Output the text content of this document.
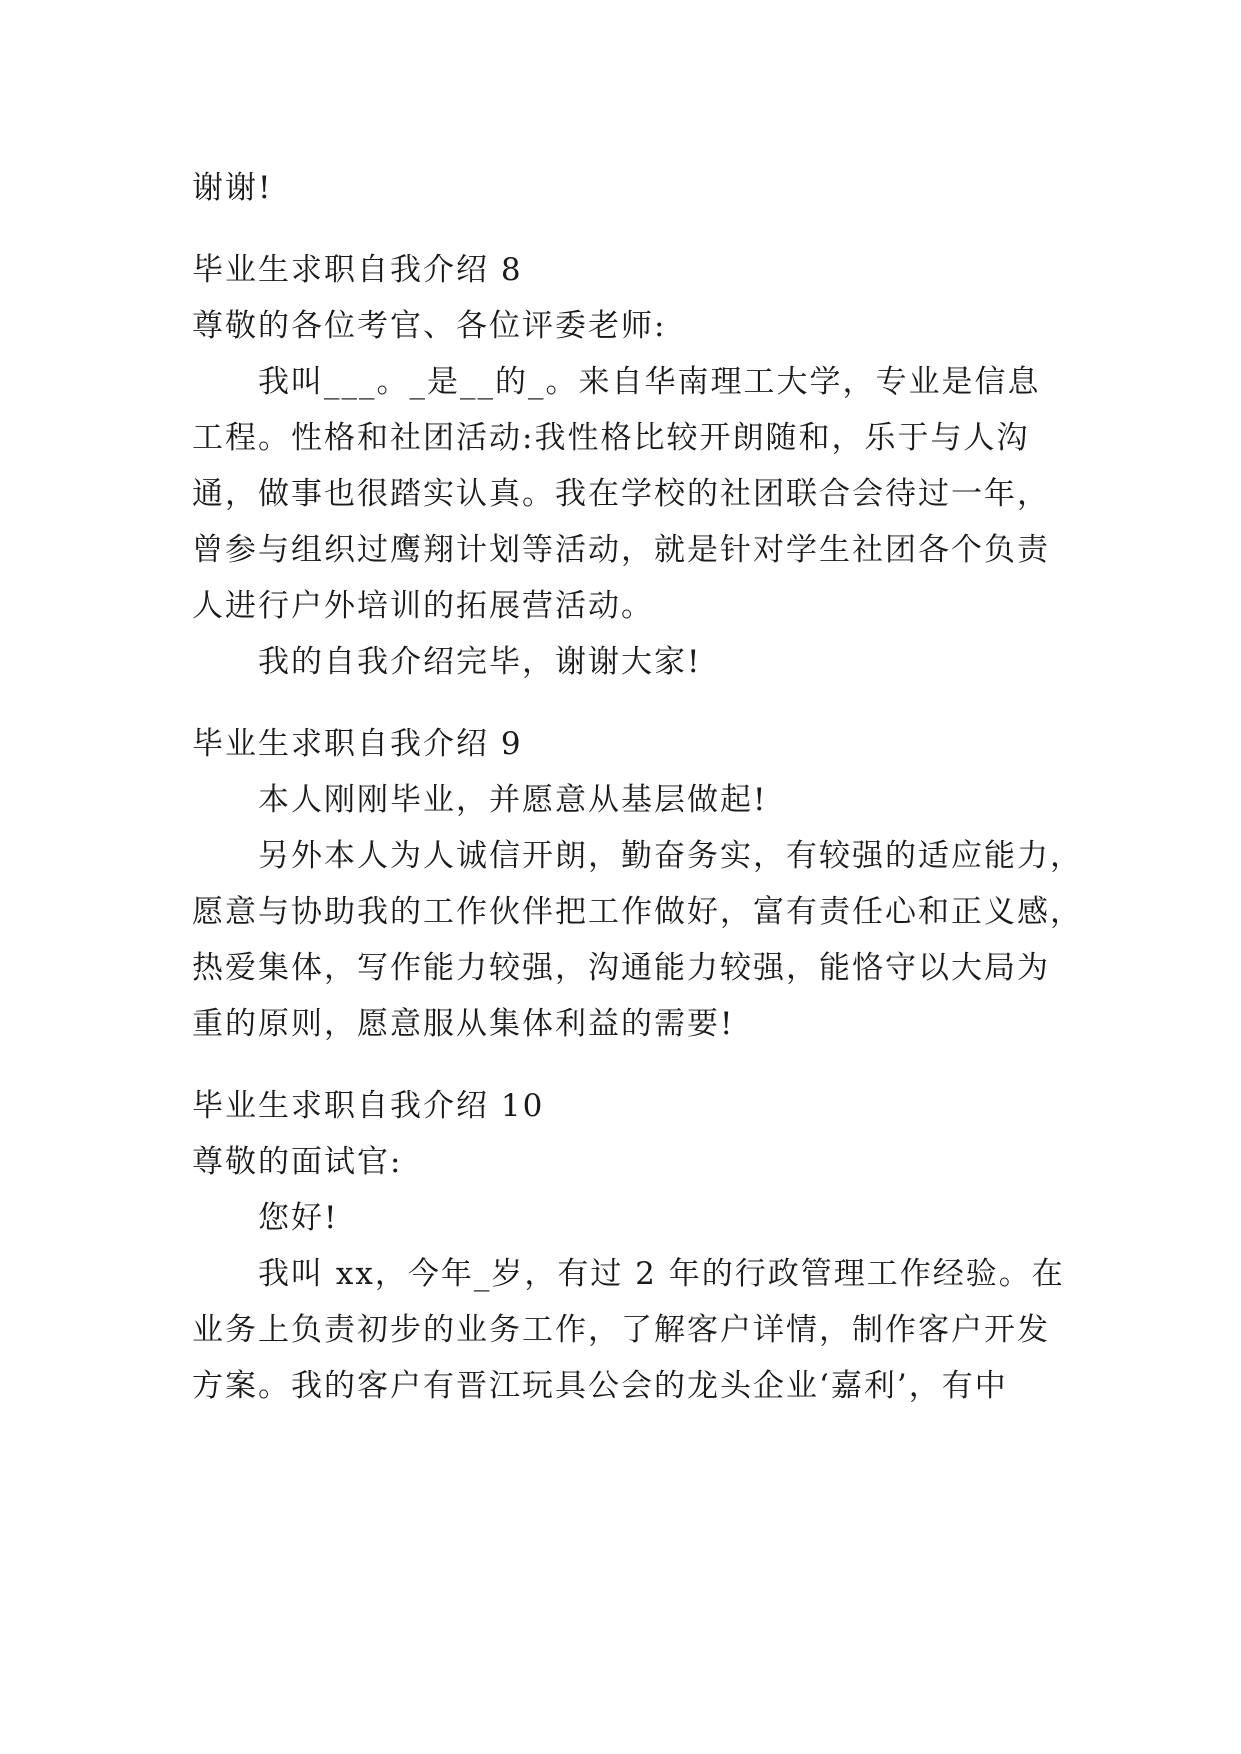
谢谢!
毕业生求职自我介绍 8
尊敬的各位考官、各位评委老师:
我叫___。_是__的_。来自华南理工大学，专业是信息
工程。性格和社团活动:我性格比较开朗随和，乐于与人沟
通，做事也很踏实认真。我在学校的社团联合会待过一年，
曾参与组织过鹰翔计划等活动，就是针对学生社团各个负责
人进行户外培训的拓展营活动。
我的自我介绍完毕，谢谢大家!
毕业生求职自我介绍 9
本人刚刚毕业，并愿意从基层做起!
另外本人为人诚信开朗，勤奋务实，有较强的适应能力，
愿意与协助我的工作伙伴把工作做好，富有责任心和正义感，
热爱集体，写作能力较强，沟通能力较强，能恪守以大局为
重的原则，愿意服从集体利益的需要!
毕业生求职自我介绍 10
尊敬的面试官:
您好!
我叫 xx，今年_岁，有过 2 年的行政管理工作经验。在
业务上负责初步的业务工作，了解客户详情，制作客户开发
方案。我的客户有晋江玩具公会的龙头企业‘嘉利’，有中
